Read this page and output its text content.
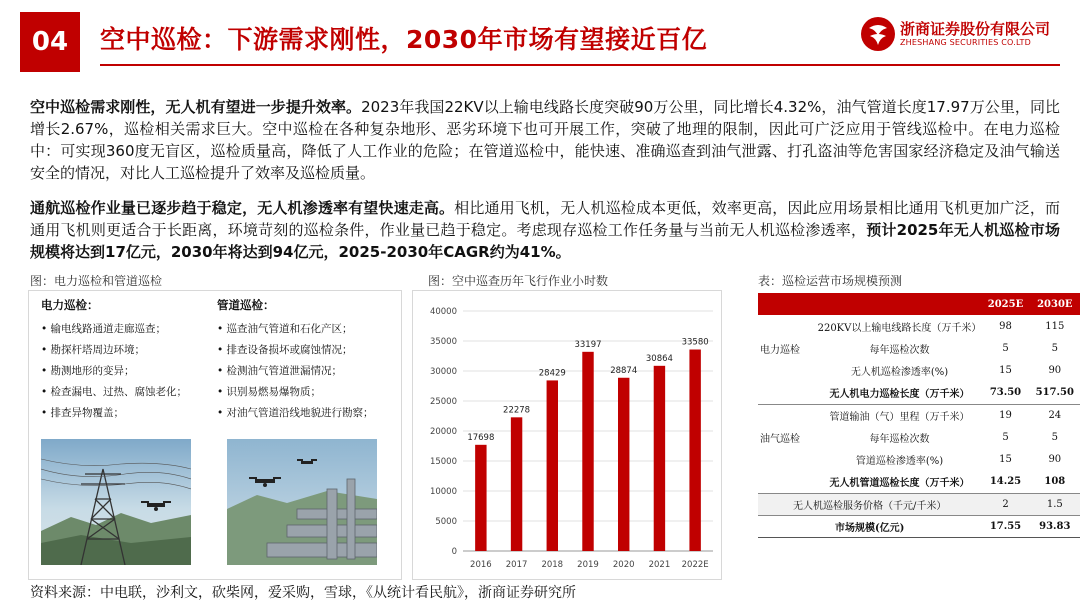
04	空中巡检：下游需求刚性，2030年市场有望接近百亿	浙商证券股份有限公司
ZHESHANG SECURITIES CO.LTD
空中巡检需求刚性，无人机有望进一步提升效率。2023年我国22KV以上输电线路长度突破90万公里，同比增长4.32%，油气管道长度17.97万公里，同比增长2.67%，巡检相关需求巨大。空中巡检在各种复杂地形、恶劣环境下也可开展工作，突破了地理的限制，因此可广泛应用于管线巡检中。在电力巡检中：可实现360度无盲区，巡检质量高，降低了人工作业的危险；在管道巡检中，能快速、准确巡查到油气泄露、打孔盗油等危害国家经济稳定及油气输送安全的情况，对比人工巡检提升了效率及巡检质量。
通航巡检作业量已逐步趋于稳定，无人机渗透率有望快速走高。相比通用飞机，无人机巡检成本更低，效率更高，因此应用场景相比通用飞机更加广泛，而通用飞机则更适合于长距离，环境苛刻的巡检条件，作业量已趋于稳定。考虑现存巡检工作任务量与当前无人机巡检渗透率，预计2025年无人机巡检市场规模将达到17亿元，2030年将达到94亿元，2025-2030年CAGR约为41%。
图：电力巡检和管道巡检	图：空中巡查历年飞行作业小时数	表：巡检运营市场规模预测
电力巡检：
• 输电线路通道走廊巡查；
• 勘探杆塔周边环境；
• 勘测地形的变异；
• 检查漏电、过热、腐蚀老化；
• 排查异物覆盖；
管道巡检：
• 巡查油气管道和石化产区；
• 排查设备损坏或腐蚀情况；
• 检测油气管道泄漏情况；
• 识别易燃易爆物质；
• 对油气管道沿线地貌进行勘察；
0
5000
10000
15000
20000
25000
30000
35000
40000
17698
2016
22278
2017
28429
2018
33197
2019
28874
2020
30864
2021
33580
2022E
		2025E	2030E
电力巡检	220KV以上输电线路长度（万千米）	98	115
	每年巡检次数	5	5
	无人机巡检渗透率(%)	15	90
	无人机电力巡检长度（万千米）	73.50	517.50
油气巡检	管道输油（气）里程（万千米）	19	24
	每年巡检次数	5	5
	管道巡检渗透率(%)	15	90
	无人机管道巡检长度（万千米）	14.25	108
无人机巡检服务价格（千元/千米）		2	1.5
市场规模(亿元)		17.55	93.83
资料来源：中电联，沙利文，砍柴网，爱采购，雪球，《从统计看民航》，浙商证券研究所
